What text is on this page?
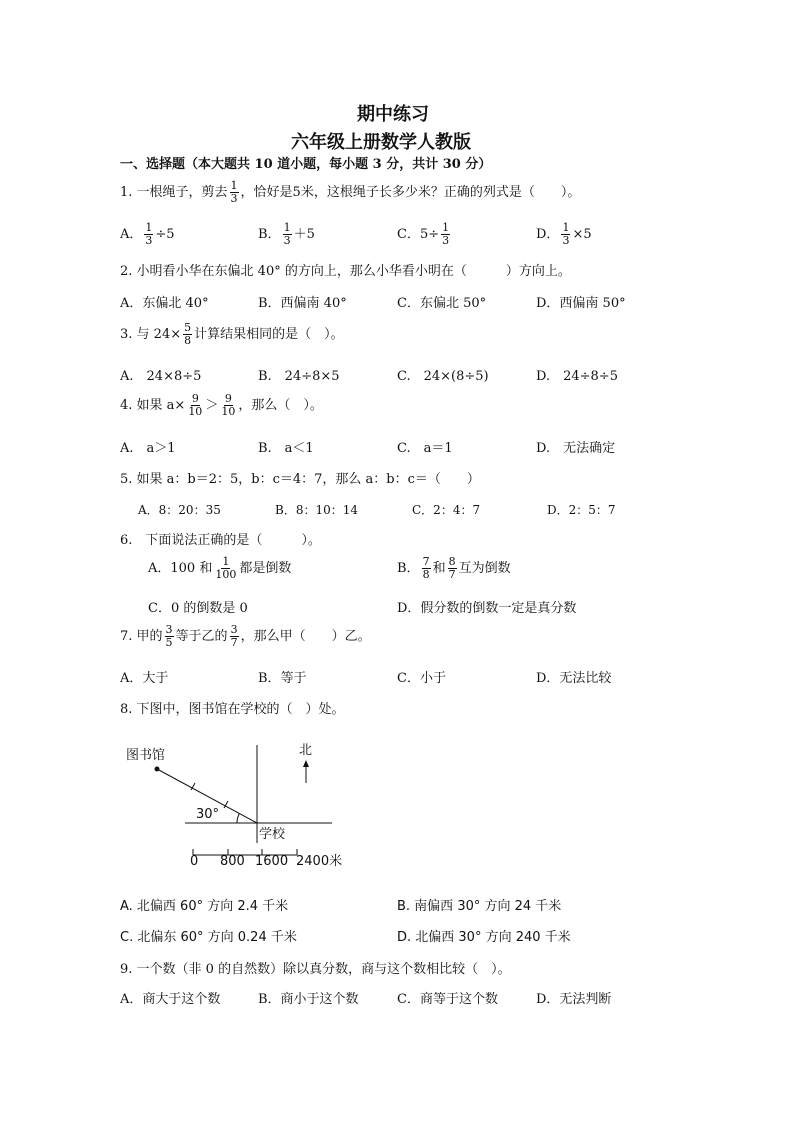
期中练习
六年级上册数学人教版
一、选择题（本大题共 10 道小题，每小题 3 分，共计 30 分）
1. 一根绳子，剪去 $\frac{1}{3}$ ，恰好是5米，这根绳子长多少米？正确的列式是（　　）。
A． $\frac{1}{3} \div 5$	B． $\frac{1}{3} +5$	C．$5\div \frac{1}{3}$	D． $\frac{1}{3} \times 5$
2. 小明看小华在东偏北 40° 的方向上，那么小华看小明在（　　　）方向上。
A．东偏北 40°	B．西偏南 40°	C．东偏北 50°	D．西偏南 50°
3. 与 $24\times \frac{5}{8}$ 计算结果相同的是（　）。
A.　24×8÷5	B.　24÷8×5	C.　24×(8÷5)	D.　24÷8÷5
4. 如果 $a\times \frac{9}{10} > \frac{9}{10}$ ，那么（　）。
A.　a＞1	B.　a＜1	C.　a＝1	D.　无法确定
5. 如果 a：b＝2：5，b：c＝4：7，那么 a：b：c＝（　　）
A．8：20：35	B．8：10：14	C．2：4：7	D．2：5：7
6.　下面说法正确的是（　　　）。
A．100 和 $\frac{1}{100}$ 都是倒数	B． $\frac{7}{8}$ 和 $\frac{8}{7}$ 互为倒数
C．0 的倒数是 0	D．假分数的倒数一定是真分数
7. 甲的 $\frac{3}{5}$ 等于乙的 $\frac{3}{7}$ ，那么甲（　　）乙。
A．大于	B．等于	C．小于	D．无法比较
8. 下图中，图书馆在学校的（　）处。
图书馆	北
30°
学校
0 800 1600 2400米
A. 北偏西 60° 方向 2.4 千米	B. 南偏西 30° 方向 24 千米
C. 北偏东 60° 方向 0.24 千米	D. 北偏西 30° 方向 240 千米
9. 一个数（非 0 的自然数）除以真分数，商与这个数相比较（　）。
A．商大于这个数	B．商小于这个数	C．商等于这个数	D．无法判断
